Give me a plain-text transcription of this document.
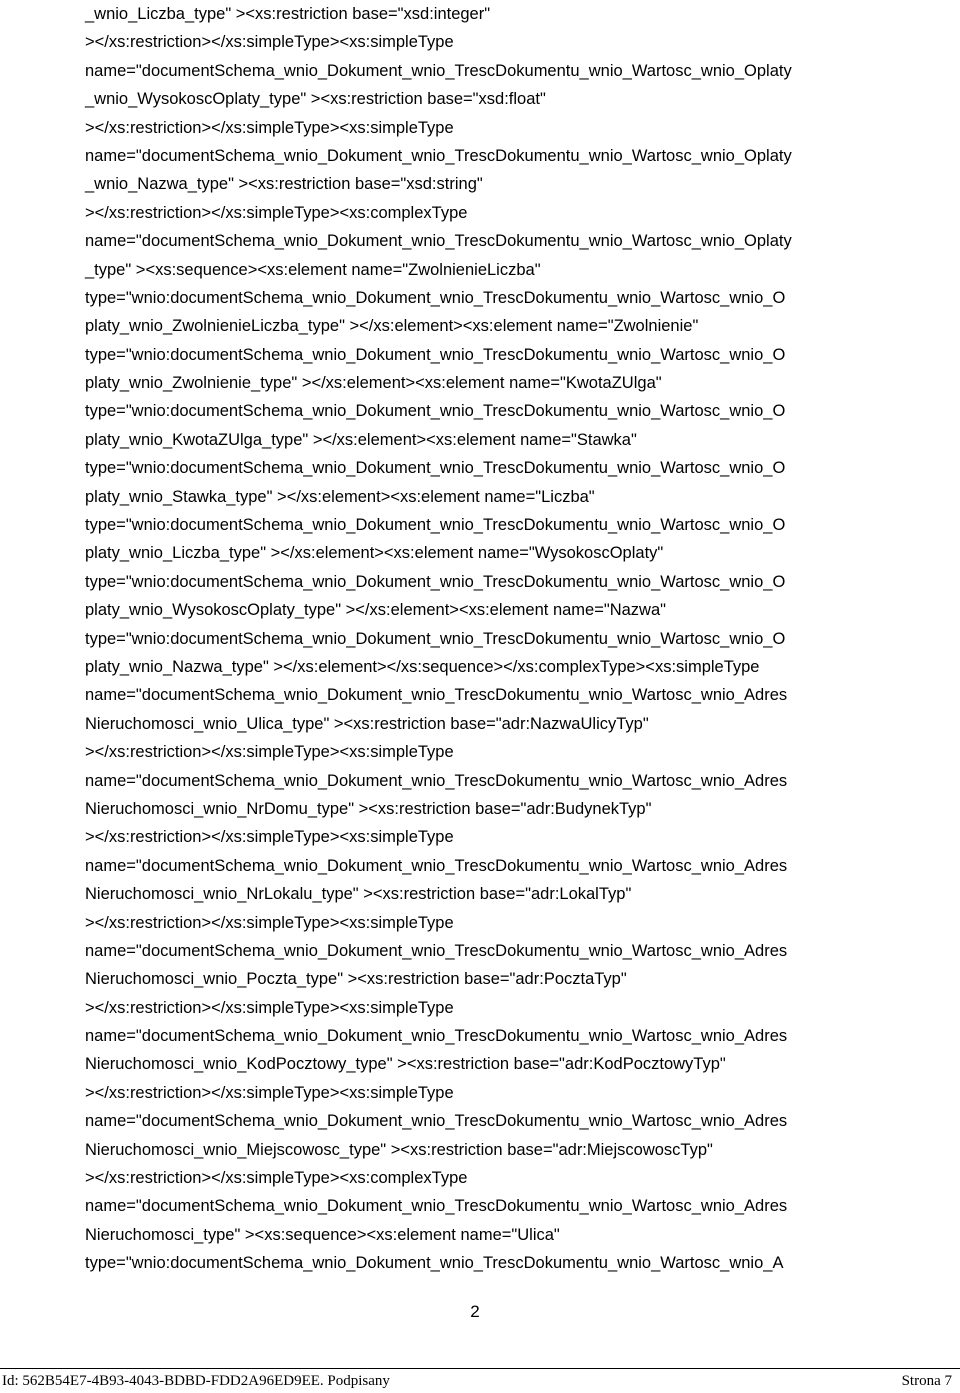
_wnio_Liczba_type" ><xs:restriction base="xsd:integer"
></xs:restriction></xs:simpleType><xs:simpleType
name="documentSchema_wnio_Dokument_wnio_TrescDokumentu_wnio_Wartosc_wnio_Oplaty
_wnio_WysokoscOplaty_type" ><xs:restriction base="xsd:float"
></xs:restriction></xs:simpleType><xs:simpleType
name="documentSchema_wnio_Dokument_wnio_TrescDokumentu_wnio_Wartosc_wnio_Oplaty
_wnio_Nazwa_type" ><xs:restriction base="xsd:string"
></xs:restriction></xs:simpleType><xs:complexType
name="documentSchema_wnio_Dokument_wnio_TrescDokumentu_wnio_Wartosc_wnio_Oplaty
_type" ><xs:sequence><xs:element name="ZwolnienieLiczba"
type="wnio:documentSchema_wnio_Dokument_wnio_TrescDokumentu_wnio_Wartosc_wnio_O
platy_wnio_ZwolnienieLiczba_type" ></xs:element><xs:element name="Zwolnienie"
type="wnio:documentSchema_wnio_Dokument_wnio_TrescDokumentu_wnio_Wartosc_wnio_O
platy_wnio_Zwolnienie_type" ></xs:element><xs:element name="KwotaZUlga"
type="wnio:documentSchema_wnio_Dokument_wnio_TrescDokumentu_wnio_Wartosc_wnio_O
platy_wnio_KwotaZUlga_type" ></xs:element><xs:element name="Stawka"
type="wnio:documentSchema_wnio_Dokument_wnio_TrescDokumentu_wnio_Wartosc_wnio_O
platy_wnio_Stawka_type" ></xs:element><xs:element name="Liczba"
type="wnio:documentSchema_wnio_Dokument_wnio_TrescDokumentu_wnio_Wartosc_wnio_O
platy_wnio_Liczba_type" ></xs:element><xs:element name="WysokoscOplaty"
type="wnio:documentSchema_wnio_Dokument_wnio_TrescDokumentu_wnio_Wartosc_wnio_O
platy_wnio_WysokoscOplaty_type" ></xs:element><xs:element name="Nazwa"
type="wnio:documentSchema_wnio_Dokument_wnio_TrescDokumentu_wnio_Wartosc_wnio_O
platy_wnio_Nazwa_type" ></xs:element></xs:sequence></xs:complexType><xs:simpleType
name="documentSchema_wnio_Dokument_wnio_TrescDokumentu_wnio_Wartosc_wnio_Adres
Nieruchomosci_wnio_Ulica_type" ><xs:restriction base="adr:NazwaUlicyTyp"
></xs:restriction></xs:simpleType><xs:simpleType
name="documentSchema_wnio_Dokument_wnio_TrescDokumentu_wnio_Wartosc_wnio_Adres
Nieruchomosci_wnio_NrDomu_type" ><xs:restriction base="adr:BudynekTyp"
></xs:restriction></xs:simpleType><xs:simpleType
name="documentSchema_wnio_Dokument_wnio_TrescDokumentu_wnio_Wartosc_wnio_Adres
Nieruchomosci_wnio_NrLokalu_type" ><xs:restriction base="adr:LokalTyp"
></xs:restriction></xs:simpleType><xs:simpleType
name="documentSchema_wnio_Dokument_wnio_TrescDokumentu_wnio_Wartosc_wnio_Adres
Nieruchomosci_wnio_Poczta_type" ><xs:restriction base="adr:PocztaTyp"
></xs:restriction></xs:simpleType><xs:simpleType
name="documentSchema_wnio_Dokument_wnio_TrescDokumentu_wnio_Wartosc_wnio_Adres
Nieruchomosci_wnio_KodPocztowy_type" ><xs:restriction base="adr:KodPocztowyTyp"
></xs:restriction></xs:simpleType><xs:simpleType
name="documentSchema_wnio_Dokument_wnio_TrescDokumentu_wnio_Wartosc_wnio_Adres
Nieruchomosci_wnio_Miejscowosc_type" ><xs:restriction base="adr:MiejscowoscTyp"
></xs:restriction></xs:simpleType><xs:complexType
name="documentSchema_wnio_Dokument_wnio_TrescDokumentu_wnio_Wartosc_wnio_Adres
Nieruchomosci_type" ><xs:sequence><xs:element name="Ulica"
type="wnio:documentSchema_wnio_Dokument_wnio_TrescDokumentu_wnio_Wartosc_wnio_A
2
Id: 562B54E7-4B93-4043-BDBD-FDD2A96ED9EE. Podpisany	Strona 7
